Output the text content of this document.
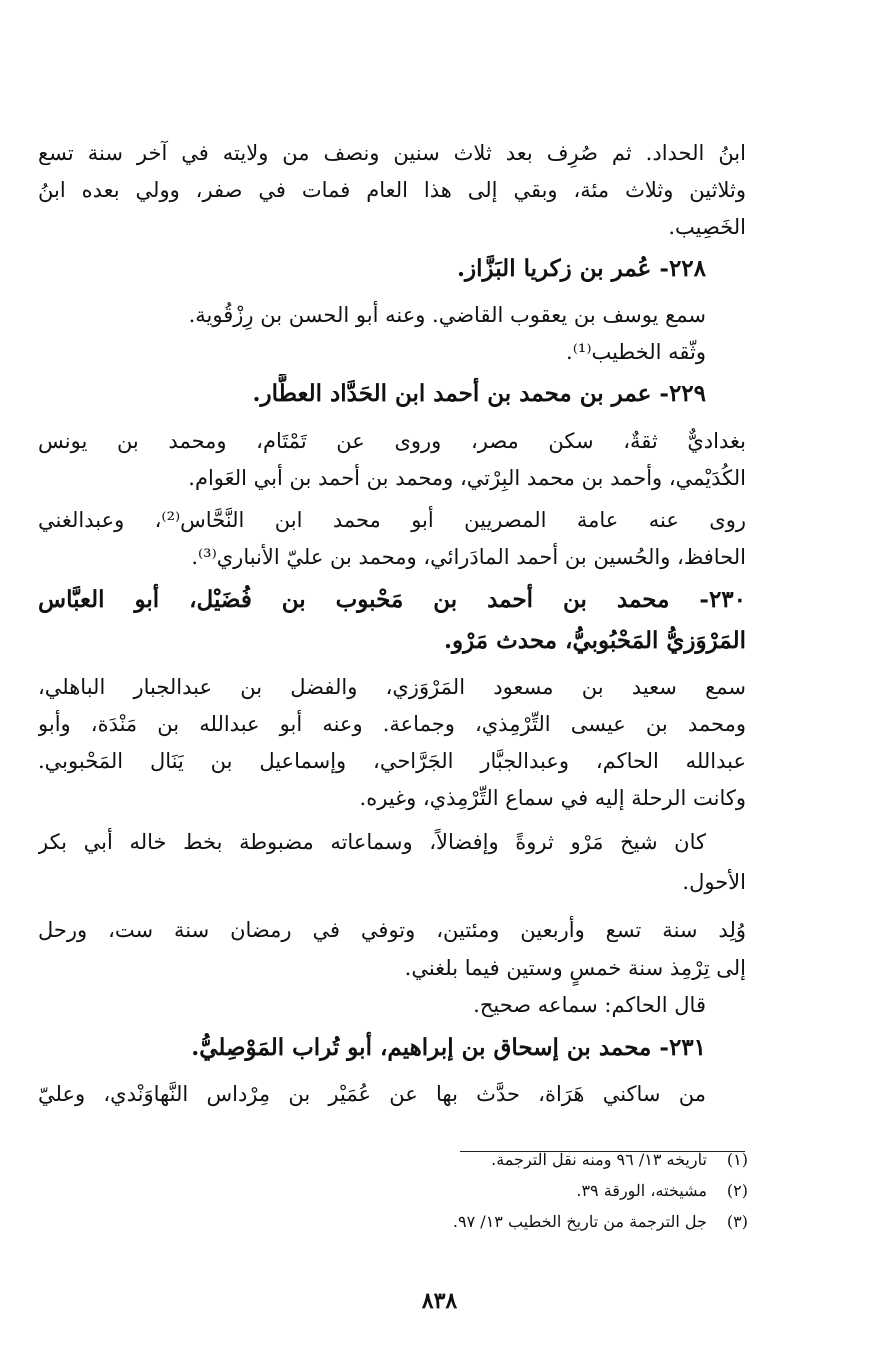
ابنُ الحداد. ثم صُرِف بعد ثلاث سنين ونصف من ولايته في آخر سنة تسع
وثلاثين وثلاث مئة، وبقي إلى هذا العام فمات في صفر، وولي بعده ابنُ
الخَصِيب.
٢٢٨- عُمر بن زكريا البَزَّاز.
سمع يوسف بن يعقوب القاضي. وعنه أبو الحسن بن رِزْقُوية.
وثّقه الخطيب⁽¹⁾.
٢٢٩- عمر بن محمد بن أحمد ابن الحَدَّاد العطَّار.
بغداديٌّ ثقةٌ، سكن مصر، وروى عن تَمْتَام، ومحمد بن يونس
الكُدَيْمي، وأحمد بن محمد البِرْتي، ومحمد بن أحمد بن أبي العَوام.
روى عنه عامة المصريين أبو محمد ابن النَّحَّاس⁽²⁾، وعبدالغني
الحافظ، والحُسين بن أحمد المادَرائي، ومحمد بن عليّ الأنباري⁽³⁾.
٢٣٠- محمد بن أحمد بن مَحْبوب بن فُضَيْل، أبو العبَّاس
المَرْوَزيُّ المَحْبُوبيُّ، محدث مَرْو.
سمع سعيد بن مسعود المَرْوَزي، والفضل بن عبدالجبار الباهلي،
ومحمد بن عيسى التِّرْمِذي، وجماعة. وعنه أبو عبدالله بن مَنْدَة، وأبو
عبدالله الحاكم، وعبدالجبَّار الجَرَّاحي، وإسماعيل بن يَنَال المَحْبوبي.
وكانت الرحلة إليه في سماع التِّرْمِذي، وغيره.
كان شيخ مَرْو ثروةً وإفضالاً، وسماعاته مضبوطة بخط خاله أبي بكر
الأحول.
وُلِد سنة تسع وأربعين ومئتين، وتوفي في رمضان سنة ست، ورحل
إلى تِرْمِذ سنة خمسٍ وستين فيما بلغني.
قال الحاكم: سماعه صحيح.
٢٣١- محمد بن إسحاق بن إبراهيم، أبو تُراب المَوْصِليُّ.
من ساكني هَرَاة، حدَّث بها عن عُمَيْر بن مِرْداس النَّهاوَنْدي، وعليّ
(١) تاريخه ١٣/ ٩٦ ومنه نقل الترجمة.
(٢) مشيخته، الورقة ٣٩.
(٣) جل الترجمة من تاريخ الخطيب ١٣/ ٩٧.
٨٣٨
